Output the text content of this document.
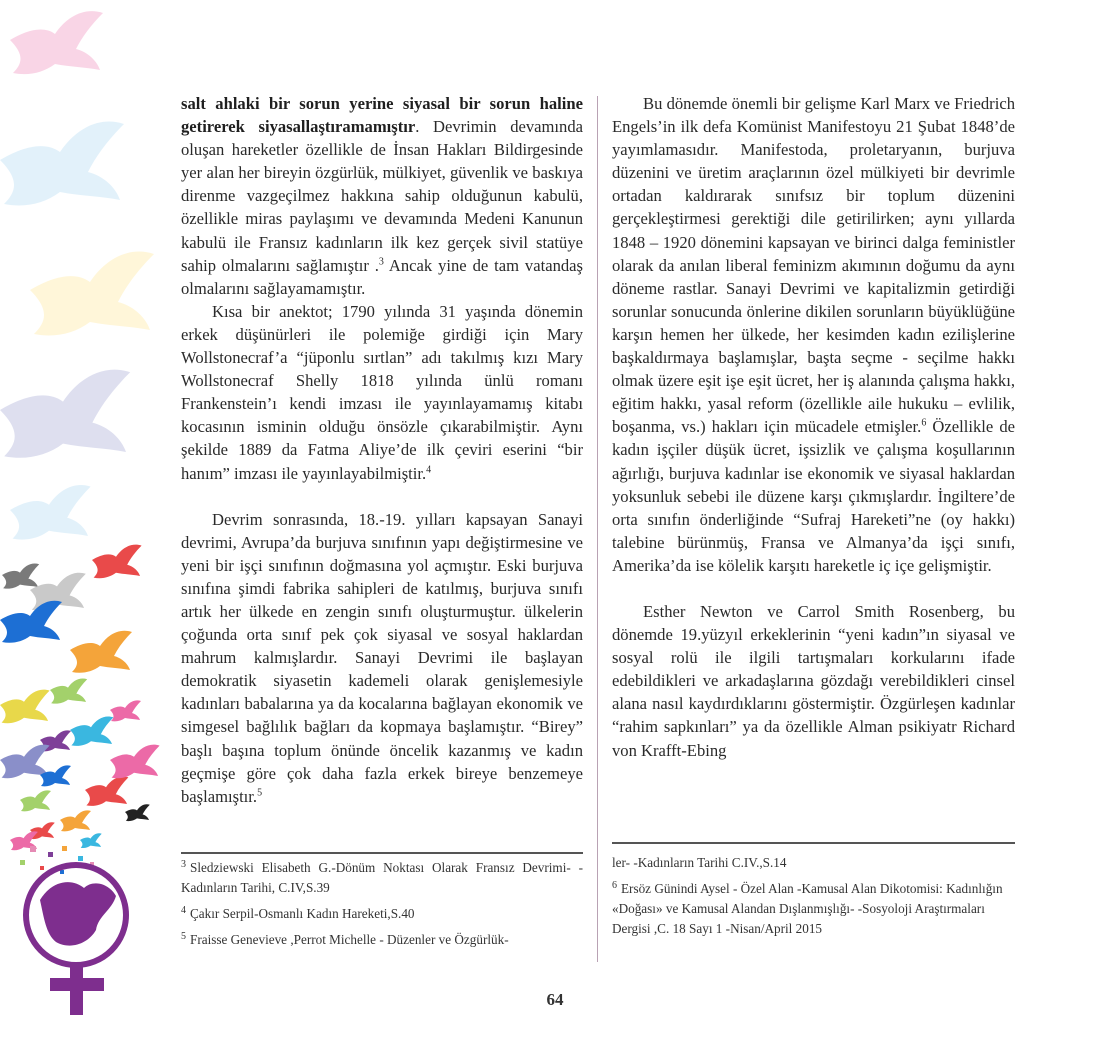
salt ahlaki bir sorun yerine siyasal bir sorun haline getirerek siyasallaştıramamıştır. Devrimin devamında oluşan hareketler özellikle de İnsan Hakları Bildirgesinde yer alan her bireyin özgürlük, mülkiyet, güvenlik ve baskıya direnme vazgeçilmez hakkına sahip olduğunun kabulü, özellikle miras paylaşımı ve devamında Medeni Kanunun kabulü ile Fransız kadınların ilk kez gerçek sivil statüye sahip olmalarını sağlamıştır .$^3$ Ancak yine de tam vatandaş olmalarını sağlayamamıştır.

Kısa bir anektot; 1790 yılında 31 yaşında dönemin erkek düşünürleri ile polemiğe girdiği için Mary Wollstonecraf’a “jüponlu sırtlan” adı takılmış kızı Mary Wollstonecraf Shelly 1818 yılında ünlü romanı Frankenstein’ı kendi imzası ile yayınlayamamış kitabı kocasının isminin olduğu önsözle çıkarabilmiştir. Aynı şekilde 1889 da Fatma Aliye’de ilk çeviri eserini “bir hanım” imzası ile yayınlayabilmiştir.$^4$

Devrim sonrasında, 18.-19. yılları kapsayan Sanayi devrimi, Avrupa’da burjuva sınıfının yapı değiştirmesine ve yeni bir işçi sınıfının doğmasına yol açmıştır. Eski burjuva sınıfına şimdi fabrika sahipleri de katılmış, burjuva sınıfı artık her ülkede en zengin sınıfı oluşturmuştur. ülkelerin çoğunda orta sınıf pek çok siyasal ve sosyal haklardan mahrum kalmışlardır. Sanayi Devrimi ile başlayan demokratik siyasetin kademeli olarak genişlemesiyle kadınları babalarına ya da kocalarına bağlayan ekonomik ve simgesel bağlılık bağları da kopmaya başlamıştır. “Birey” başlı başına toplum önünde öncelik kazanmış ve kadın geçmişe göre çok daha fazla erkek bireye benzemeye başlamıştır.$^5$

Bu dönemde önemli bir gelişme Karl Marx ve Friedrich Engels’in ilk defa Komünist Manifestoyu 21 Şubat 1848’de yayımlamasıdır. Manifestoda, proletaryanın, burjuva düzenini ve üretim araçlarının özel mülkiyeti bir devrimle ortadan kaldırarak sınıfsız bir toplum düzenini gerçekleştirmesi gerektiği dile getirilirken; aynı yıllarda 1848 – 1920 dönemini kapsayan ve birinci dalga feministler olarak da anılan liberal feminizm akımının doğumu da aynı döneme rastlar. Sanayi Devrimi ve kapitalizmin getirdiği sorunlar sonucunda önlerine dikilen sorunların büyüklüğüne karşın hemen her ülkede, her kesimden kadın ezilişlerine başkaldırmaya başlamışlar, başta seçme - seçilme hakkı olmak üzere eşit işe eşit ücret, her iş alanında çalışma hakkı, eğitim hakkı, yasal reform (özellikle aile hukuku – evlilik, boşanma, vs.) hakları için mücadele etmişler.$^6$ Özellikle de kadın işçiler düşük ücret, işsizlik ve çalışma koşullarının ağırlığı, burjuva kadınlar ise ekonomik ve siyasal haklardan yoksunluk sebebi ile düzene karşı çıkmışlardır. İngiltere’de orta sınıfın önderliğinde “Sufraj Hareketi”ne (oy hakkı) talebine bürünmüş, Fransa ve Almanya’da işçi sınıfı, Amerika’da ise kölelik karşıtı hareketle iç içe gelişmiştir.

Esther Newton ve Carrol Smith Rosenberg, bu dönemde 19.yüzyıl erkeklerinin “yeni kadın”ın siyasal ve sosyal rolü ile ilgili tartışmaları korkularını ifade edebildikleri ve arkadaşlarına gözdağı verebildikleri cinsel alana nasıl kaydırdıklarını göstermiştir. Özgürleşen kadınlar “rahim sapkınları” ya da özellikle Alman psikiyatr Richard von Krafft-Ebing

$^3$ Sledziewski Elisabeth G.-Dönüm Noktası Olarak Fransız Devrimi- -Kadınların Tarihi, C.IV,S.39

$^4$ Çakır Serpil-Osmanlı Kadın Hareketi,S.40

$^5$ Fraisse Genevieve ,Perrot Michelle - Düzenler ve Özgürlük-

ler- -Kadınların Tarihi C.IV.,S.14

$^6$ Ersöz Günindi Aysel - Özel Alan -Kamusal Alan Dikotomisi: Kadınlığın «Doğası» ve Kamusal Alandan Dışlanmışlığı- -Sosyoloji Araştırmaları Dergisi ,C. 18 Sayı 1 -Nisan/April 2015

64
